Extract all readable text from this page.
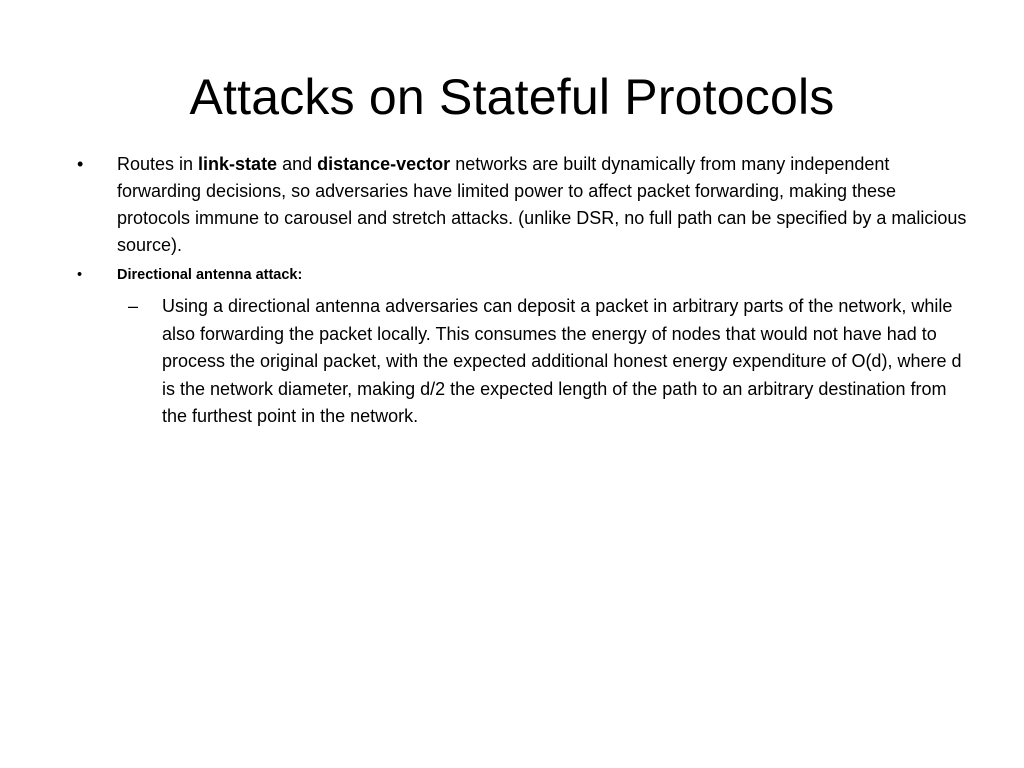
Attacks on Stateful Protocols
•	Routes in link-state and distance-vector networks are built dynamically from many independent forwarding decisions, so adversaries have limited power to affect packet forwarding, making these protocols immune to carousel and stretch attacks. (unlike DSR, no full path can be specified by a malicious source).
•	Directional antenna attack:
–	Using a directional antenna adversaries can deposit a packet in arbitrary parts of the network, while also forwarding the packet locally. This consumes the energy of nodes that would not have had to process the original packet, with the expected additional honest energy expenditure of O(d), where d is the network diameter, making d/2 the expected length of the path to an arbitrary destination from the furthest point in the network.
